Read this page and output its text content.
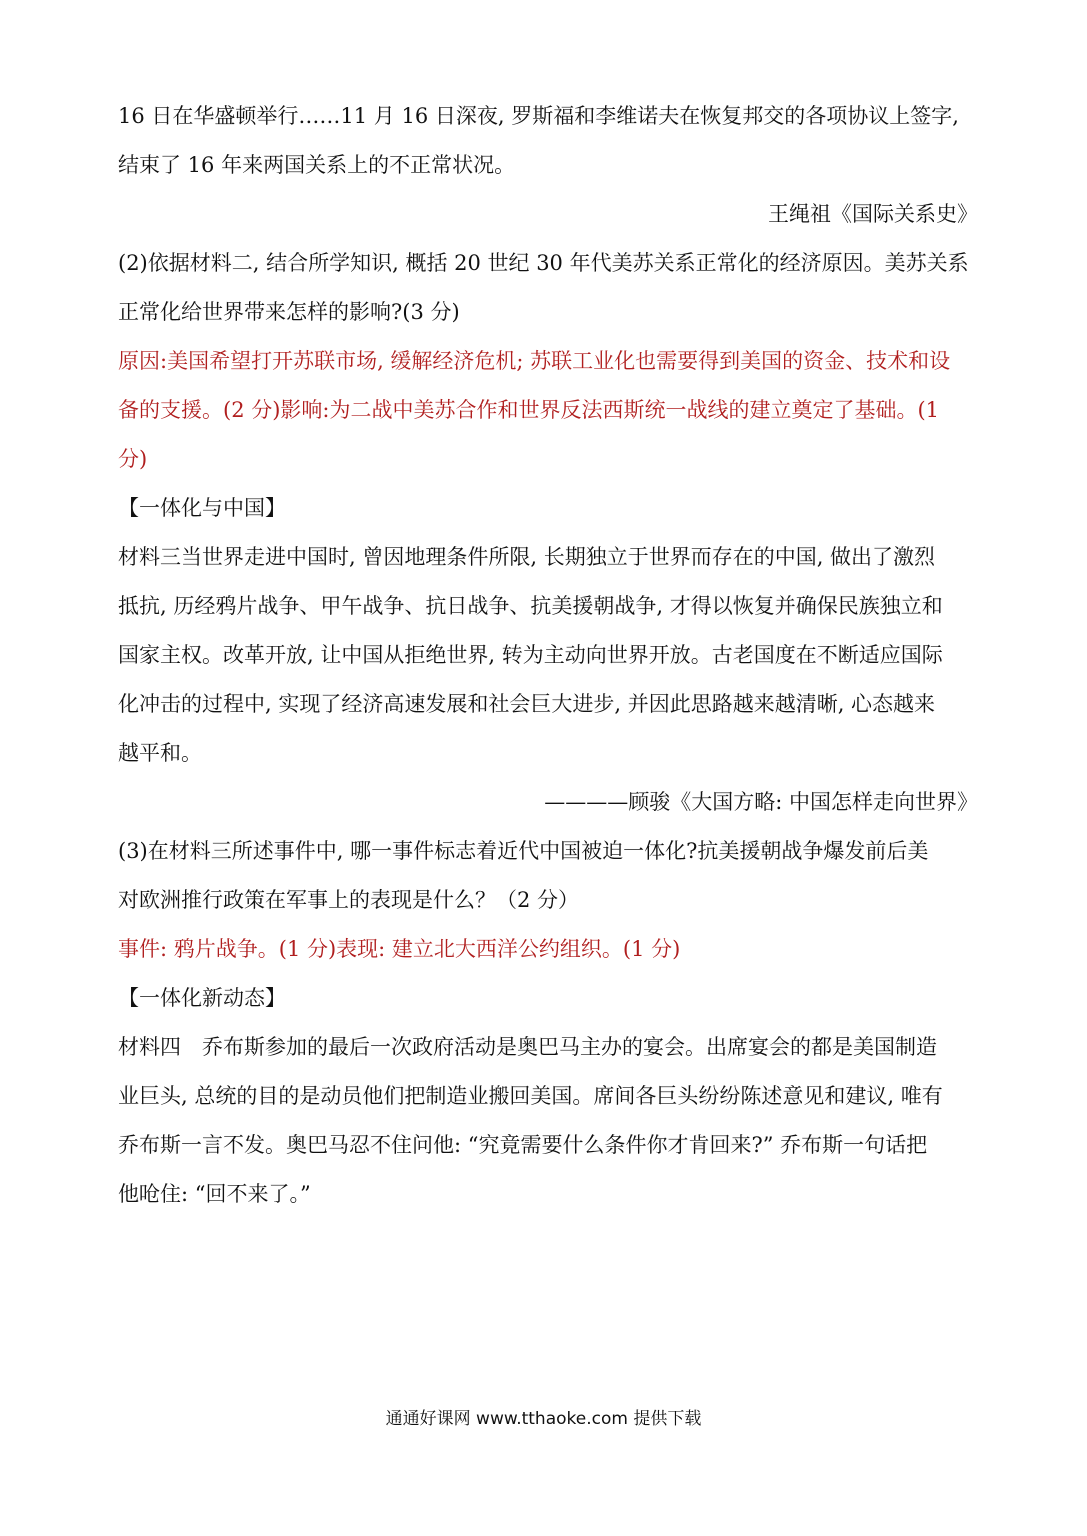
16 日在华盛顿举行……11 月 16 日深夜, 罗斯福和李维诺夫在恢复邦交的各项协议上签字,
结束了 16 年来两国关系上的不正常状况。
王绳祖《国际关系史》
(2)依据材料二, 结合所学知识, 概括 20 世纪 30 年代美苏关系正常化的经济原因。美苏关系
正常化给世界带来怎样的影响?(3 分)
原因:美国希望打开苏联市场, 缓解经济危机; 苏联工业化也需要得到美国的资金、技术和设
备的支援。(2 分)影响:为二战中美苏合作和世界反法西斯统一战线的建立奠定了基础。(1
分)
【一体化与中国】
材料三当世界走进中国时, 曾因地理条件所限, 长期独立于世界而存在的中国, 做出了激烈
抵抗, 历经鸦片战争、甲午战争、抗日战争、抗美援朝战争, 才得以恢复并确保民族独立和
国家主权。改革开放, 让中国从拒绝世界, 转为主动向世界开放。古老国度在不断适应国际
化冲击的过程中, 实现了经济高速发展和社会巨大进步, 并因此思路越来越清晰, 心态越来
越平和。
————顾骏《大国方略: 中国怎样走向世界》
(3)在材料三所述事件中, 哪一事件标志着近代中国被迫一体化?抗美援朝战争爆发前后美
对欧洲推行政策在军事上的表现是什么？（2 分）
事件: 鸦片战争。(1 分)表现: 建立北大西洋公约组织。(1 分)
【一体化新动态】
材料四　乔布斯参加的最后一次政府活动是奥巴马主办的宴会。出席宴会的都是美国制造
业巨头, 总统的目的是动员他们把制造业搬回美国。席间各巨头纷纷陈述意见和建议, 唯有
乔布斯一言不发。奥巴马忍不住问他: “究竟需要什么条件你才肯回来?” 乔布斯一句话把
他呛住: “回不来了。”
通通好课网 www.tthaoke.com 提供下载
